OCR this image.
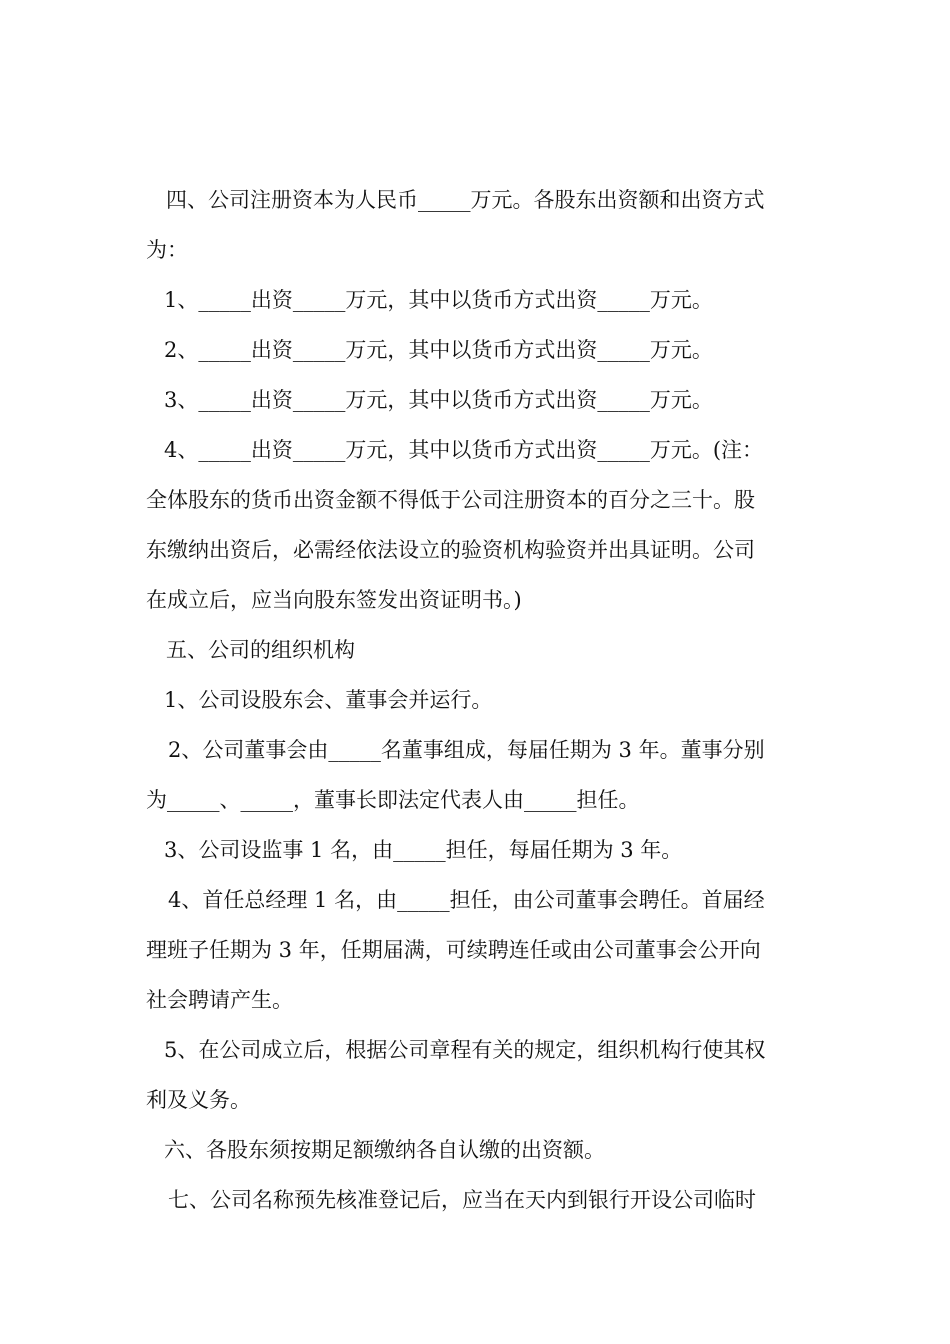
四、公司注册资本为人民币_____万元。各股东出资额和出资方式
为：
1、_____出资_____万元，其中以货币方式出资_____万元。
2、_____出资_____万元，其中以货币方式出资_____万元。
3、_____出资_____万元，其中以货币方式出资_____万元。
4、_____出资_____万元，其中以货币方式出资_____万元。(注：
全体股东的货币出资金额不得低于公司注册资本的百分之三十。股
东缴纳出资后，必需经依法设立的验资机构验资并出具证明。公司
在成立后，应当向股东签发出资证明书。)
五、公司的组织机构
1、公司设股东会、董事会并运行。
2、公司董事会由_____名董事组成，每届任期为 3 年。董事分别
为_____、_____，董事长即法定代表人由_____担任。
3、公司设监事 1 名，由_____担任，每届任期为 3 年。
4、首任总经理 1 名，由_____担任，由公司董事会聘任。首届经
理班子任期为 3 年，任期届满，可续聘连任或由公司董事会公开向
社会聘请产生。
5、在公司成立后，根据公司章程有关的规定，组织机构行使其权
利及义务。
六、各股东须按期足额缴纳各自认缴的出资额。
七、公司名称预先核准登记后，应当在天内到银行开设公司临时
